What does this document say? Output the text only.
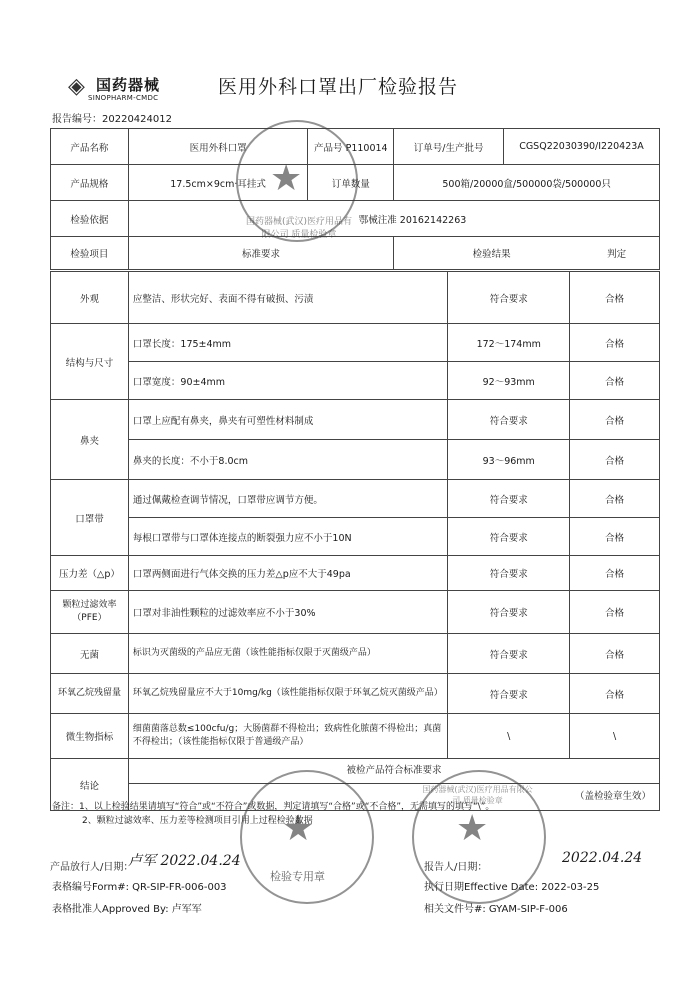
◈ 国药器械
SINOPHARM-CMDC	医用外科口罩出厂检验报告
报告编号：20220424012
产品名称	医用外科口罩	产品号 P110014	订单号/生产批号	CGSQ22030390/I220423A
产品规格	17.5cm×9cm·耳挂式	订单数量	500箱/20000盒/500000袋/500000只	
检验依据	鄂械注准 20162142263			
检验项目	标准要求		检验结果 判定	
外观	应整洁、形状完好、表面不得有破损、污渍	符合要求	合格
结构与尺寸	口罩长度：175±4mm	172～174mm	合格
	口罩宽度：90±4mm	92～93mm	合格
鼻夹	口罩上应配有鼻夹，鼻夹有可塑性材料制成	符合要求	合格
	鼻夹的长度：不小于8.0cm	93～96mm	合格
口罩带	通过佩戴检查调节情况，口罩带应调节方便。	符合要求	合格
	每根口罩带与口罩体连接点的断裂强力应不小于10N	符合要求	合格
压力差（△p）	口罩两侧面进行气体交换的压力差△p应不大于49pa	符合要求	合格
颗粒过滤效率（PFE）	口罩对非油性颗粒的过滤效率应不小于30%	符合要求	合格
无菌	标识为灭菌级的产品应无菌（该性能指标仅限于灭菌级产品）	符合要求	合格
环氧乙烷残留量	环氧乙烷残留量应不大于10mg/kg（该性能指标仅限于环氧乙烷灭菌级产品）	符合要求	合格
微生物指标	细菌菌落总数≤100cfu/g；大肠菌群不得检出；致病性化脓菌不得检出；真菌不得检出；（该性能指标仅限于普通级产品）	\	\
结论	被检产品符合标准要求
（盖检验章生效）		
备注：1、以上检验结果请填写“符合”或“不符合”或数据，判定请填写“合格”或“不合格”，无需填写的填写“\”。
2、颗粒过滤效率、压力差等检测项目引用上过程检验数据
产品放行人/日期：
卢军 2022.04.24	报告人/日期：
2022.04.24
表格编号Form#: QR-SIP-FR-006-003	执行日期Effective Date: 2022-03-25
表格批准人Approved By: 卢军军	相关文件号#: GYAM-SIP-F-006
★
国药器械(武汉)医疗用品有限公司 质量检验章
★
检验专用章
★
国药器械(武汉)医疗用品有限公司 质量检验章
